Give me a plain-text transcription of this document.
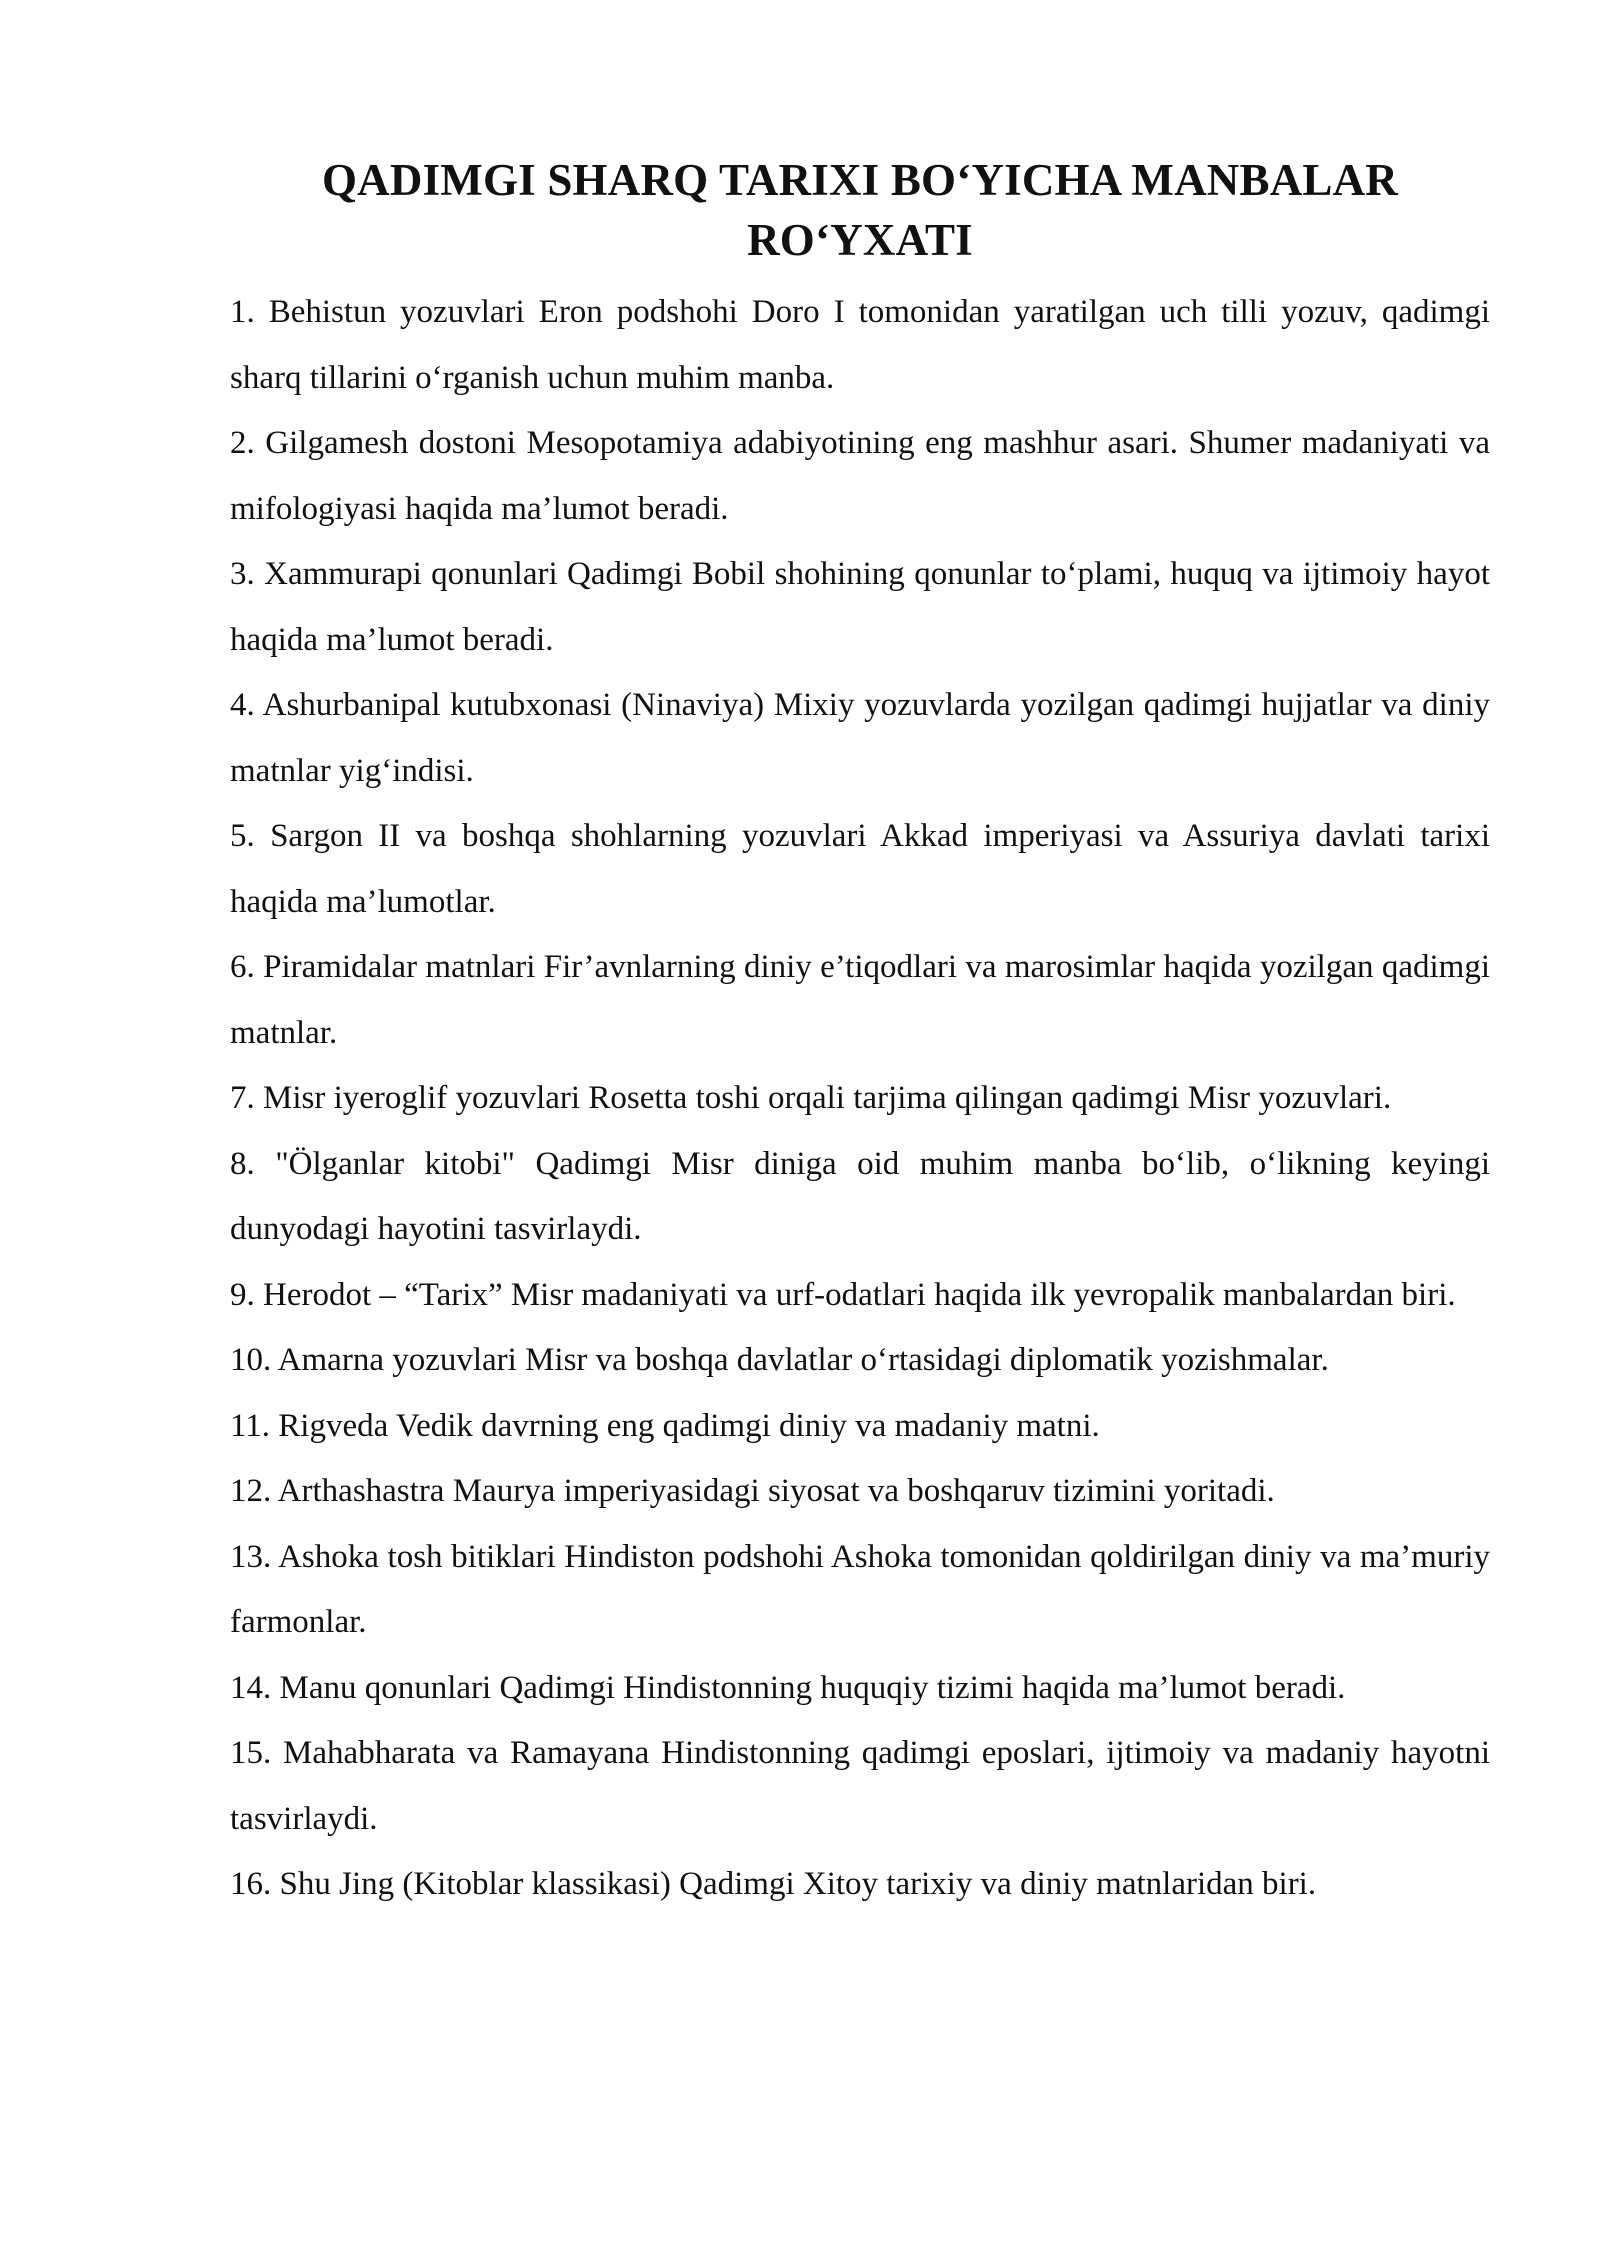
QADIMGI SHARQ TARIXI BO‘YICHA MANBALAR
RO‘YXATI

1. Behistun yozuvlari Eron podshohi Doro I tomonidan yaratilgan uch tilli yozuv, qadimgi sharq tillarini o‘rganish uchun muhim manba.

2. Gilgamesh dostoni Mesopotamiya adabiyotining eng mashhur asari. Shumer madaniyati va mifologiyasi haqida ma’lumot beradi.

3. Xammurapi qonunlari Qadimgi Bobil shohining qonunlar to‘plami, huquq va ijtimoiy hayot haqida ma’lumot beradi.

4. Ashurbanipal kutubxonasi (Ninaviya) Mixiy yozuvlarda yozilgan qadimgi hujjatlar va diniy matnlar yig‘indisi.

5. Sargon II va boshqa shohlarning yozuvlari Akkad imperiyasi va Assuriya davlati tarixi haqida ma’lumotlar.

6. Piramidalar matnlari Fir’avnlarning diniy e’tiqodlari va marosimlar haqida yozilgan qadimgi matnlar.

7. Misr iyeroglif yozuvlari Rosetta toshi orqali tarjima qilingan qadimgi Misr yozuvlari.

8. "Ölganlar kitobi" Qadimgi Misr diniga oid muhim manba bo‘lib, o‘likning keyingi dunyodagi hayotini tasvirlaydi.

9. Herodot – “Tarix” Misr madaniyati va urf-odatlari haqida ilk yevropalik manbalardan biri.

10. Amarna yozuvlari Misr va boshqa davlatlar o‘rtasidagi diplomatik yozishmalar.

11. Rigveda Vedik davrning eng qadimgi diniy va madaniy matni.

12. Arthashastra Maurya imperiyasidagi siyosat va boshqaruv tizimini yoritadi.

13. Ashoka tosh bitiklari Hindiston podshohi Ashoka tomonidan qoldirilgan diniy va ma’muriy farmonlar.

14. Manu qonunlari Qadimgi Hindistonning huquqiy tizimi haqida ma’lumot beradi.

15. Mahabharata va Ramayana Hindistonning qadimgi eposlari, ijtimoiy va madaniy hayotni tasvirlaydi.

16. Shu Jing (Kitoblar klassikasi) Qadimgi Xitoy tarixiy va diniy matnlaridan biri.
